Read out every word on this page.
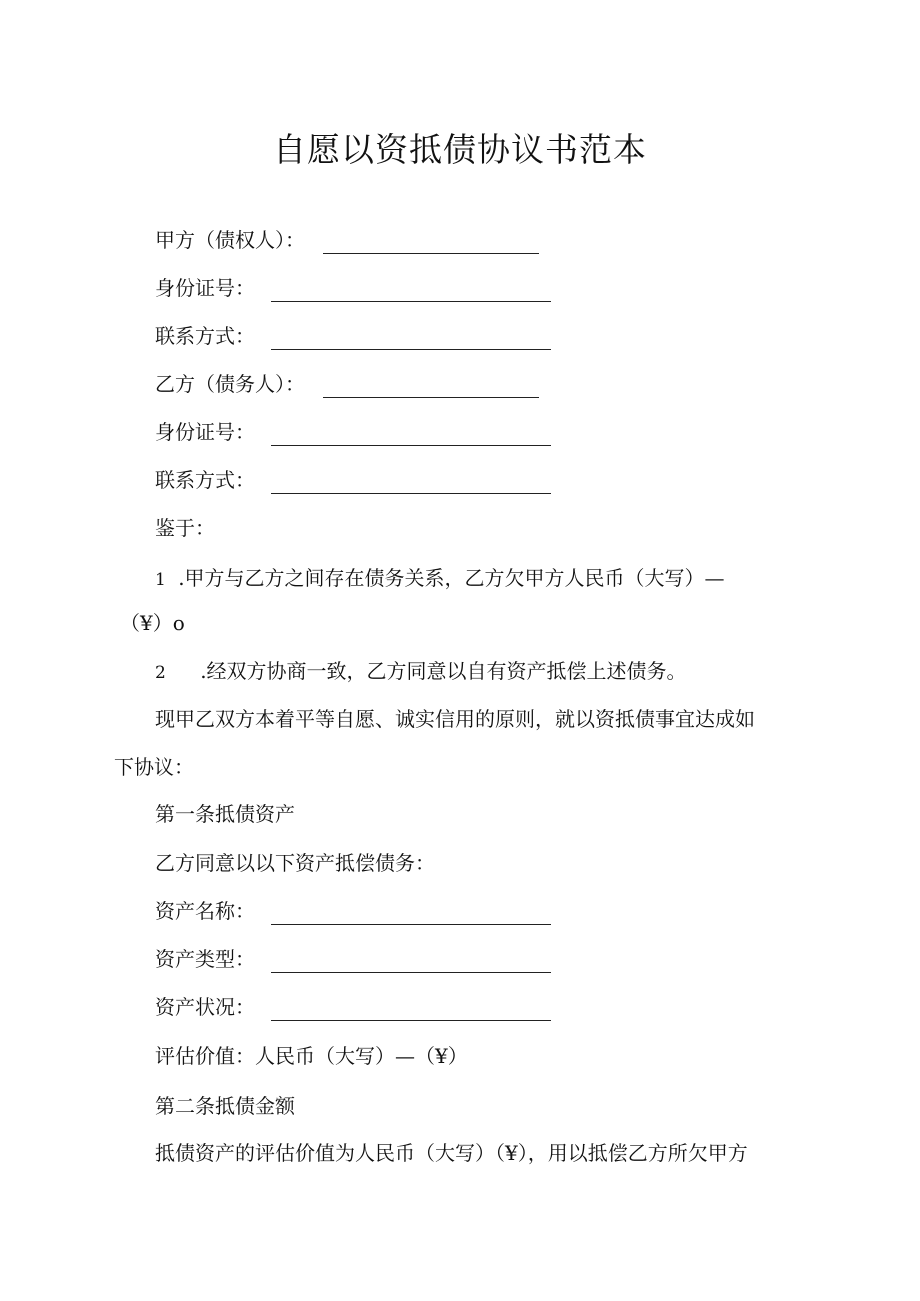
自愿以资抵债协议书范本
甲方（债权人）：
身份证号：
联系方式：
乙方（债务人）：
身份证号：
联系方式：
鉴于：
1 .甲方与乙方之间存在债务关系，乙方欠甲方人民币（大写）—
（¥）o
2 .经双方协商一致，乙方同意以自有资产抵偿上述债务。
现甲乙双方本着平等自愿、诚实信用的原则，就以资抵债事宜达成如
下协议：
第一条抵债资产
乙方同意以以下资产抵偿债务：
资产名称：
资产类型：
资产状况：
评估价值：人民币（大写）—（¥）
第二条抵债金额
抵债资产的评估价值为人民币（大写）（¥），用以抵偿乙方所欠甲方
